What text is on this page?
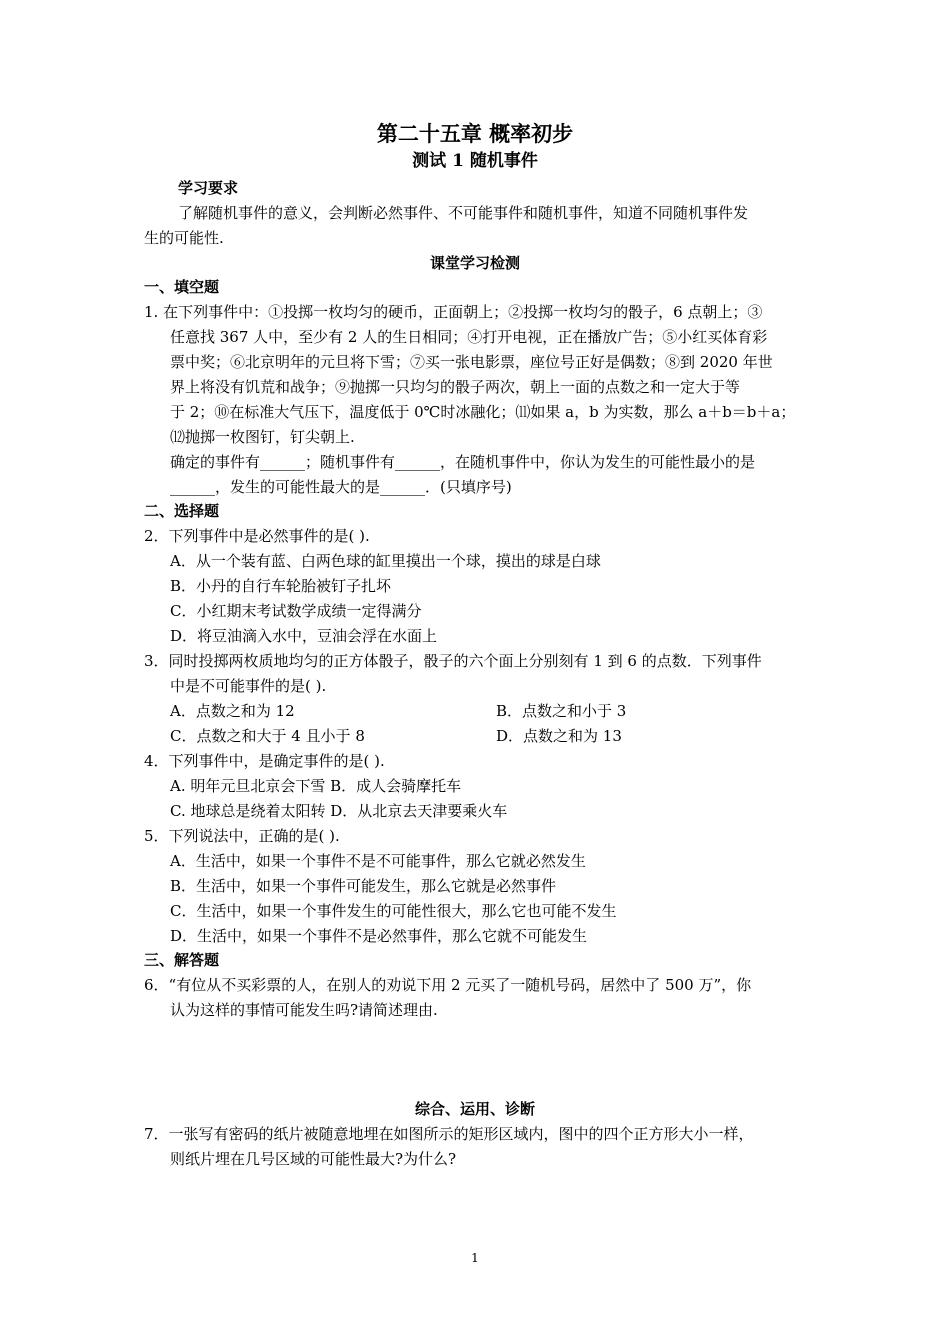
第二十五章 概率初步
测试 1 随机事件
学习要求
了解随机事件的意义，会判断必然事件、不可能事件和随机事件，知道不同随机事件发
生的可能性.
课堂学习检测
一、填空题
1. 在下列事件中：①投掷一枚均匀的硬币，正面朝上；②投掷一枚均匀的骰子，6 点朝上；③
任意找 367 人中，至少有 2 人的生日相同；④打开电视，正在播放广告；⑤小红买体育彩
票中奖；⑥北京明年的元旦将下雪；⑦买一张电影票，座位号正好是偶数；⑧到 2020 年世
界上将没有饥荒和战争；⑨抛掷一只均匀的骰子两次，朝上一面的点数之和一定大于等
于 2；⑩在标准大气压下，温度低于 0℃时冰融化；⑾如果 a，b 为实数，那么 a＋b＝b＋a；
⑿抛掷一枚图钉，钉尖朝上.
确定的事件有______；随机事件有______，在随机事件中，你认为发生的可能性最小的是
______，发生的可能性最大的是______．(只填序号)
二、选择题
2．下列事件中是必然事件的是( ).
A．从一个装有蓝、白两色球的缸里摸出一个球，摸出的球是白球
B．小丹的自行车轮胎被钉子扎坏
C．小红期末考试数学成绩一定得满分
D．将豆油滴入水中，豆油会浮在水面上
3．同时投掷两枚质地均匀的正方体骰子，骰子的六个面上分别刻有 1 到 6 的点数．下列事件
中是不可能事件的是( ).
A．点数之和为 12	B．点数之和小于 3
C．点数之和大于 4 且小于 8	D．点数之和为 13
4．下列事件中，是确定事件的是( ).
A. 明年元旦北京会下雪 B．成人会骑摩托车
C. 地球总是绕着太阳转 D．从北京去天津要乘火车
5．下列说法中，正确的是( ).
A．生活中，如果一个事件不是不可能事件，那么它就必然发生
B．生活中，如果一个事件可能发生，那么它就是必然事件
C．生活中，如果一个事件发生的可能性很大，那么它也可能不发生
D．生活中，如果一个事件不是必然事件，那么它就不可能发生
三、解答题
6．“有位从不买彩票的人，在别人的劝说下用 2 元买了一随机号码，居然中了 500 万”，你
认为这样的事情可能发生吗?请简述理由.
综合、运用、诊断
7．一张写有密码的纸片被随意地埋在如图所示的矩形区域内，图中的四个正方形大小一样，
则纸片埋在几号区域的可能性最大?为什么?
1
